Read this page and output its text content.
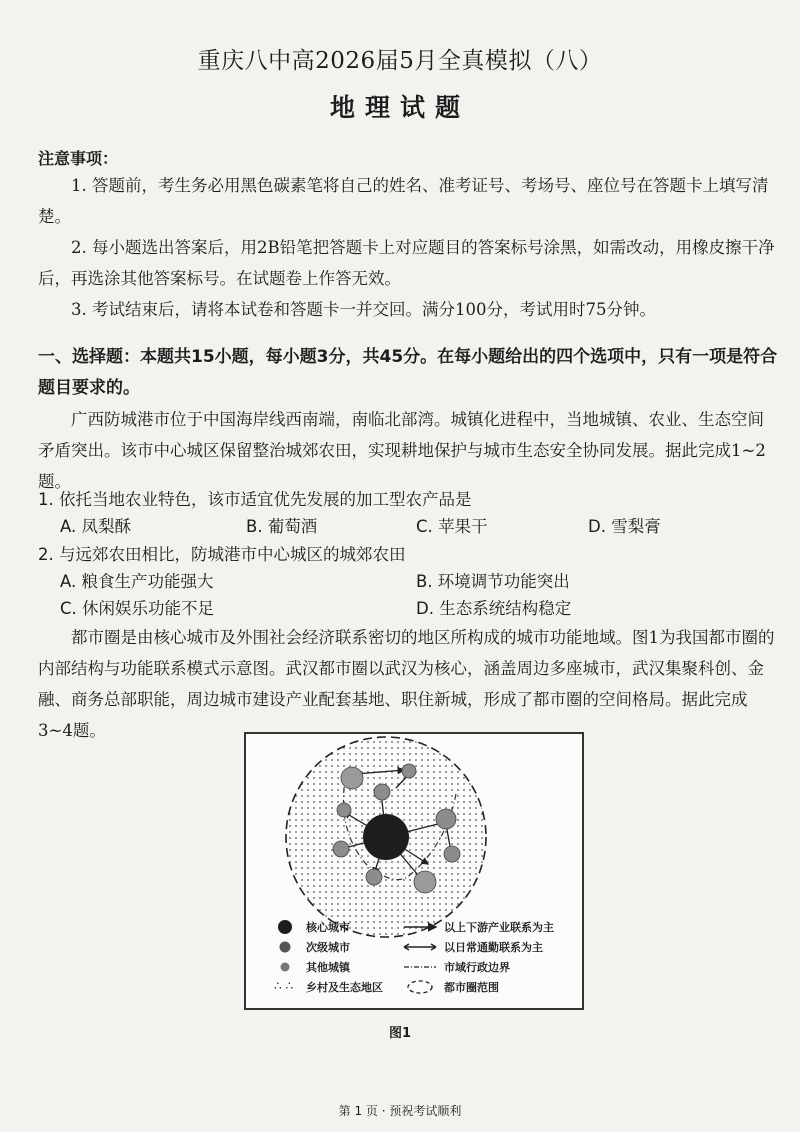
重庆八中高2026届5月全真模拟（八）
地理试题
注意事项：
1. 答题前，考生务必用黑色碳素笔将自己的姓名、准考证号、考场号、座位号在答题卡上填写清楚。
2. 每小题选出答案后，用2B铅笔把答题卡上对应题目的答案标号涂黑，如需改动，用橡皮擦干净后，再选涂其他答案标号。在试题卷上作答无效。
3. 考试结束后，请将本试卷和答题卡一并交回。满分100分，考试用时75分钟。
一、选择题：本题共15小题，每小题3分，共45分。在每小题给出的四个选项中，只有一项是符合题目要求的。
广西防城港市位于中国海岸线西南端，南临北部湾。城镇化进程中，当地城镇、农业、生态空间矛盾突出。该市中心城区保留整治城郊农田，实现耕地保护与城市生态安全协同发展。据此完成1~2题。
1. 依托当地农业特色，该市适宜优先发展的加工型农产品是
A. 凤梨酥	B. 葡萄酒	C. 苹果干	D. 雪梨膏
2. 与远郊农田相比，防城港市中心城区的城郊农田
A. 粮食生产功能强大	B. 环境调节功能突出
C. 休闲娱乐功能不足	D. 生态系统结构稳定
都市圈是由核心城市及外围社会经济联系密切的地区所构成的城市功能地域。图1为我国都市圈的内部结构与功能联系模式示意图。武汉都市圈以武汉为核心，涵盖周边多座城市，武汉集聚科创、金融、商务总部职能，周边城市建设产业配套基地、职住新城，形成了都市圈的空间格局。据此完成3~4题。
核心城市
次级城市
其他城镇
∴ ∴ 乡村及生态地区
以上下游产业联系为主
以日常通勤联系为主
市域行政边界
都市圈范围
图1
第 1 页 · 预祝考试顺利
